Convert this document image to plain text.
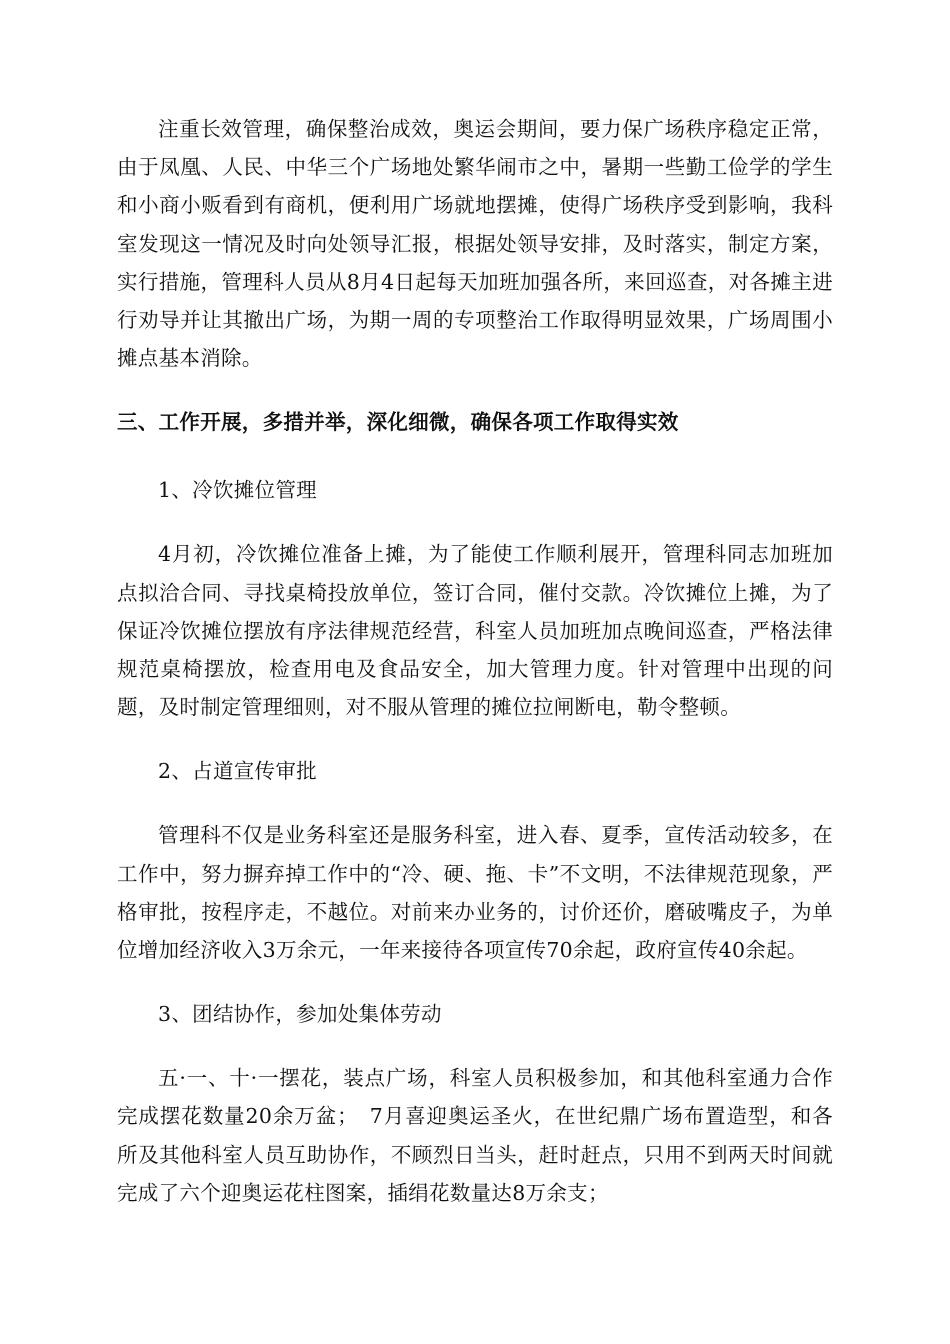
注重长效管理，确保整治成效，奥运会期间，要力保广场秩序稳定正常，由于凤凰、人民、中华三个广场地处繁华闹市之中，暑期一些勤工俭学的学生和小商小贩看到有商机，便利用广场就地摆摊，使得广场秩序受到影响，我科室发现这一情况及时向处领导汇报，根据处领导安排，及时落实，制定方案，实行措施，管理科人员从8月4日起每天加班加强各所，来回巡查，对各摊主进行劝导并让其撤出广场，为期一周的专项整治工作取得明显效果，广场周围小摊点基本消除。

三、工作开展，多措并举，深化细微，确保各项工作取得实效

1、冷饮摊位管理

4月初，冷饮摊位准备上摊，为了能使工作顺利展开，管理科同志加班加点拟洽合同、寻找桌椅投放单位，签订合同，催付交款。冷饮摊位上摊，为了保证冷饮摊位摆放有序法律规范经营，科室人员加班加点晚间巡查，严格法律规范桌椅摆放，检查用电及食品安全，加大管理力度。针对管理中出现的问题，及时制定管理细则，对不服从管理的摊位拉闸断电，勒令整顿。

2、占道宣传审批

管理科不仅是业务科室还是服务科室，进入春、夏季，宣传活动较多，在工作中，努力摒弃掉工作中的“冷、硬、拖、卡”不文明，不法律规范现象，严格审批，按程序走，不越位。对前来办业务的，讨价还价，磨破嘴皮子，为单位增加经济收入3万余元，一年来接待各项宣传70余起，政府宣传40余起。

3、团结协作，参加处集体劳动

五·一、十·一摆花，装点广场，科室人员积极参加，和其他科室通力合作完成摆花数量20余万盆；　7月喜迎奥运圣火，在世纪鼎广场布置造型，和各所及其他科室人员互助协作，不顾烈日当头，赶时赶点，只用不到两天时间就完成了六个迎奥运花柱图案，插绢花数量达8万余支；
